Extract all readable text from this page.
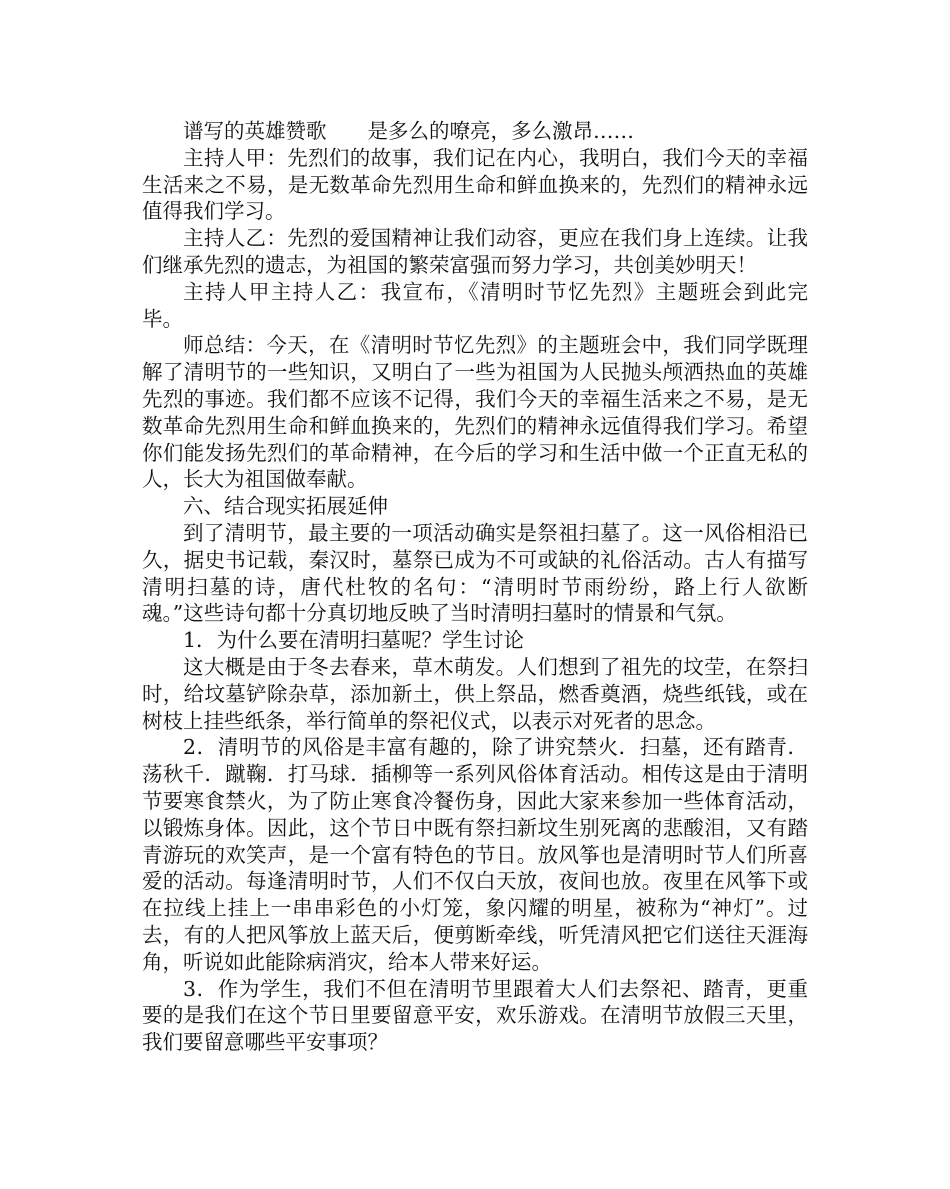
谱写的英雄赞歌　　是多么的嘹亮，多么激昂……

主持人甲：先烈们的故事，我们记在内心，我明白，我们今天的幸福生活来之不易，是无数革命先烈用生命和鲜血换来的，先烈们的精神永远值得我们学习。

主持人乙：先烈的爱国精神让我们动容，更应在我们身上连续。让我们继承先烈的遗志，为祖国的繁荣富强而努力学习，共创美妙明天！

主持人甲主持人乙：我宣布，《清明时节忆先烈》主题班会到此完毕。

师总结：今天，在《清明时节忆先烈》的主题班会中，我们同学既理解了清明节的一些知识，又明白了一些为祖国为人民抛头颅洒热血的英雄先烈的事迹。我们都不应该不记得，我们今天的幸福生活来之不易，是无数革命先烈用生命和鲜血换来的，先烈们的精神永远值得我们学习。希望你们能发扬先烈们的革命精神，在今后的学习和生活中做一个正直无私的人，长大为祖国做奉献。

六、结合现实拓展延伸

到了清明节，最主要的一项活动确实是祭祖扫墓了。这一风俗相沿已久，据史书记载，秦汉时，墓祭已成为不可或缺的礼俗活动。古人有描写清明扫墓的诗，唐代杜牧的名句：“清明时节雨纷纷，路上行人欲断魂。”这些诗句都十分真切地反映了当时清明扫墓时的情景和气氛。

1．为什么要在清明扫墓呢？学生讨论

这大概是由于冬去春来，草木萌发。人们想到了祖先的坟茔，在祭扫时，给坟墓铲除杂草，添加新土，供上祭品，燃香奠酒，烧些纸钱，或在树枝上挂些纸条，举行简单的祭祀仪式，以表示对死者的思念。

2．清明节的风俗是丰富有趣的，除了讲究禁火．扫墓，还有踏青．荡秋千．蹴鞠．打马球．插柳等一系列风俗体育活动。相传这是由于清明节要寒食禁火，为了防止寒食冷餐伤身，因此大家来参加一些体育活动，以锻炼身体。因此，这个节日中既有祭扫新坟生别死离的悲酸泪，又有踏青游玩的欢笑声，是一个富有特色的节日。放风筝也是清明时节人们所喜爱的活动。每逢清明时节，人们不仅白天放，夜间也放。夜里在风筝下或在拉线上挂上一串串彩色的小灯笼，象闪耀的明星，被称为“神灯”。过去，有的人把风筝放上蓝天后，便剪断牵线，听凭清风把它们送往天涯海角，听说如此能除病消灾，给本人带来好运。

3．作为学生，我们不但在清明节里跟着大人们去祭祀、踏青，更重要的是我们在这个节日里要留意平安，欢乐游戏。在清明节放假三天里，我们要留意哪些平安事项？
